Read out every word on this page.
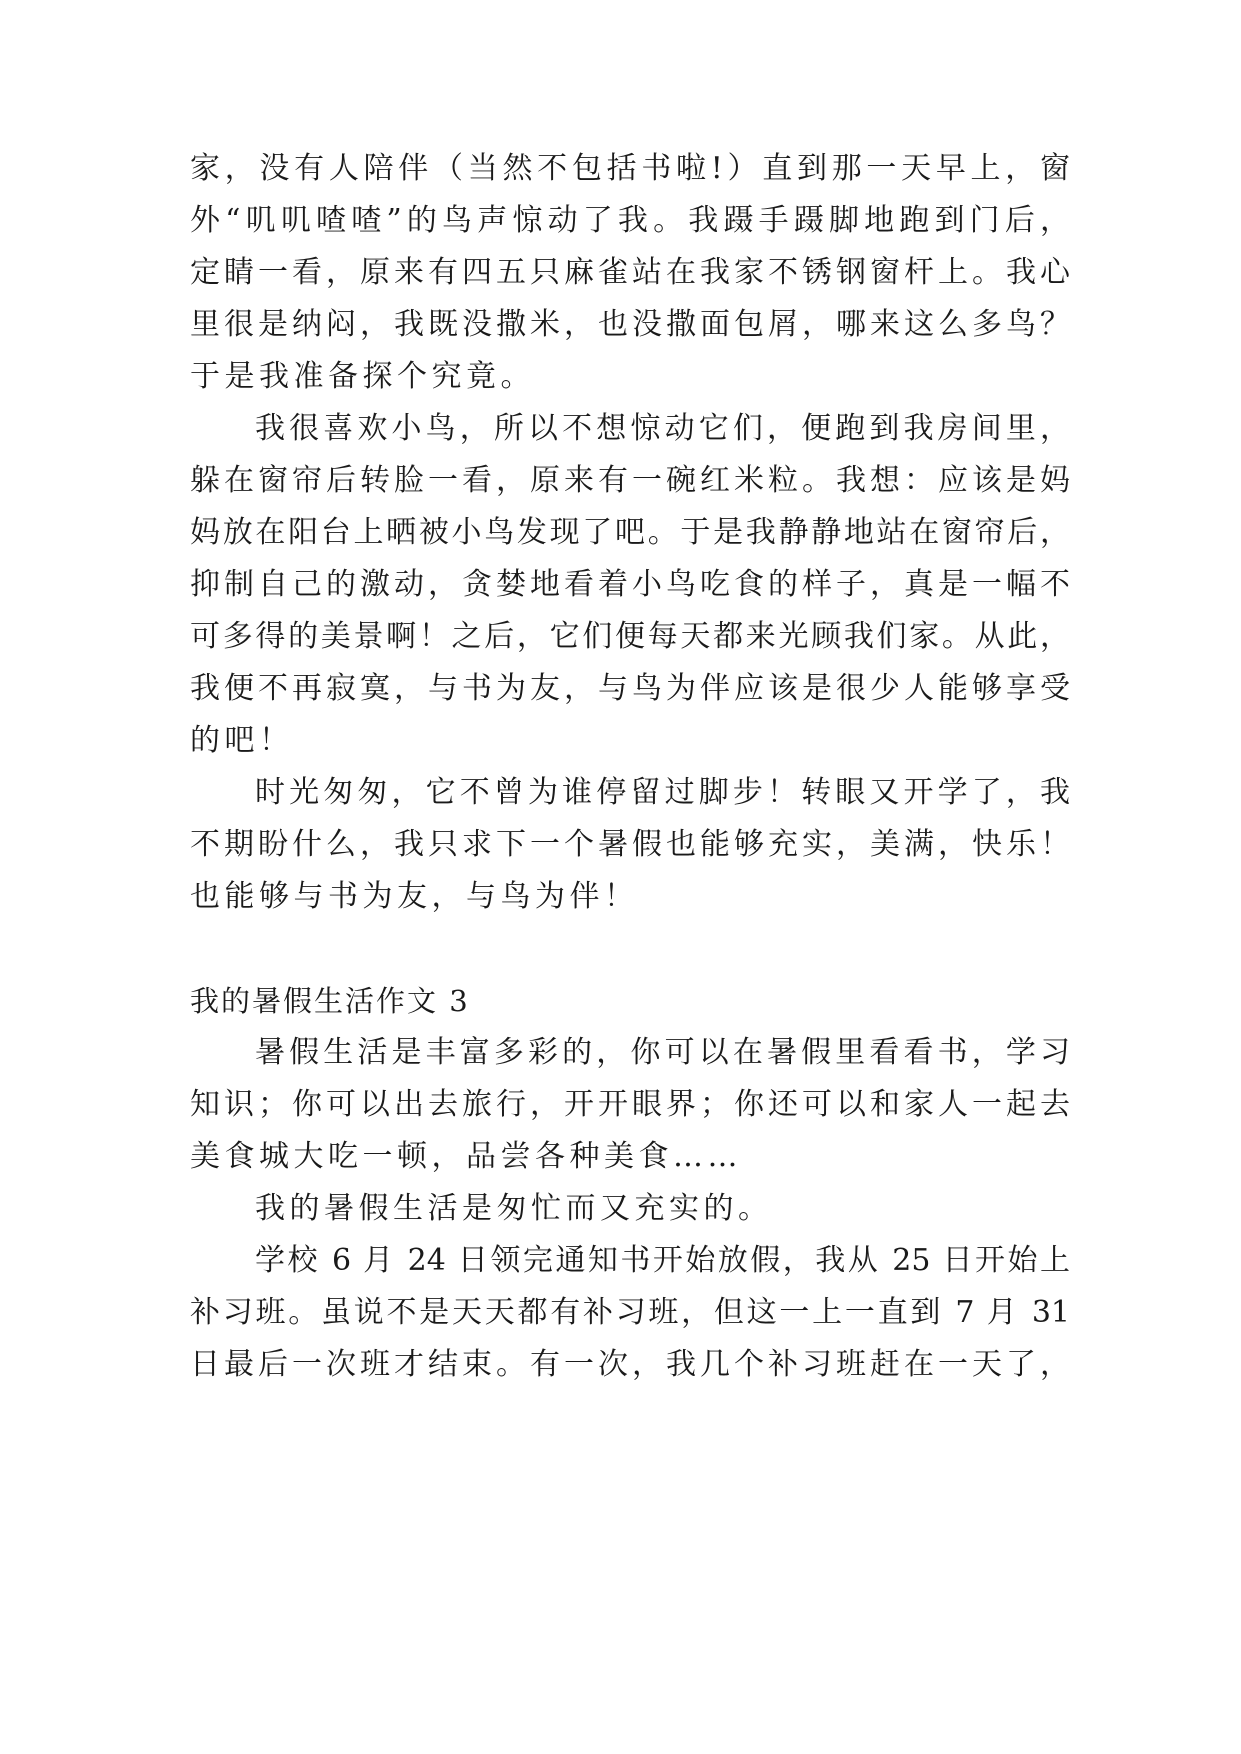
家，没有人陪伴（当然不包括书啦!）直到那一天早上，窗
外“叽叽喳喳”的鸟声惊动了我。我蹑手蹑脚地跑到门后，
定睛一看，原来有四五只麻雀站在我家不锈钢窗杆上。我心
里很是纳闷，我既没撒米，也没撒面包屑，哪来这么多鸟？
于是我准备探个究竟。
我很喜欢小鸟，所以不想惊动它们，便跑到我房间里，
躲在窗帘后转脸一看，原来有一碗红米粒。我想：应该是妈
妈放在阳台上晒被小鸟发现了吧。于是我静静地站在窗帘后，
抑制自己的激动，贪婪地看着小鸟吃食的样子，真是一幅不
可多得的美景啊！之后，它们便每天都来光顾我们家。从此，
我便不再寂寞，与书为友，与鸟为伴应该是很少人能够享受
的吧！
时光匆匆，它不曾为谁停留过脚步！转眼又开学了，我
不期盼什么，我只求下一个暑假也能够充实，美满，快乐！
也能够与书为友，与鸟为伴！
我的暑假生活作文 3
暑假生活是丰富多彩的，你可以在暑假里看看书，学习
知识；你可以出去旅行，开开眼界；你还可以和家人一起去
美食城大吃一顿，品尝各种美食……
我的暑假生活是匆忙而又充实的。
学校 6 月 24 日领完通知书开始放假，我从 25 日开始上
补习班。虽说不是天天都有补习班，但这一上一直到 7 月 31
日最后一次班才结束。有一次，我几个补习班赶在一天了，
